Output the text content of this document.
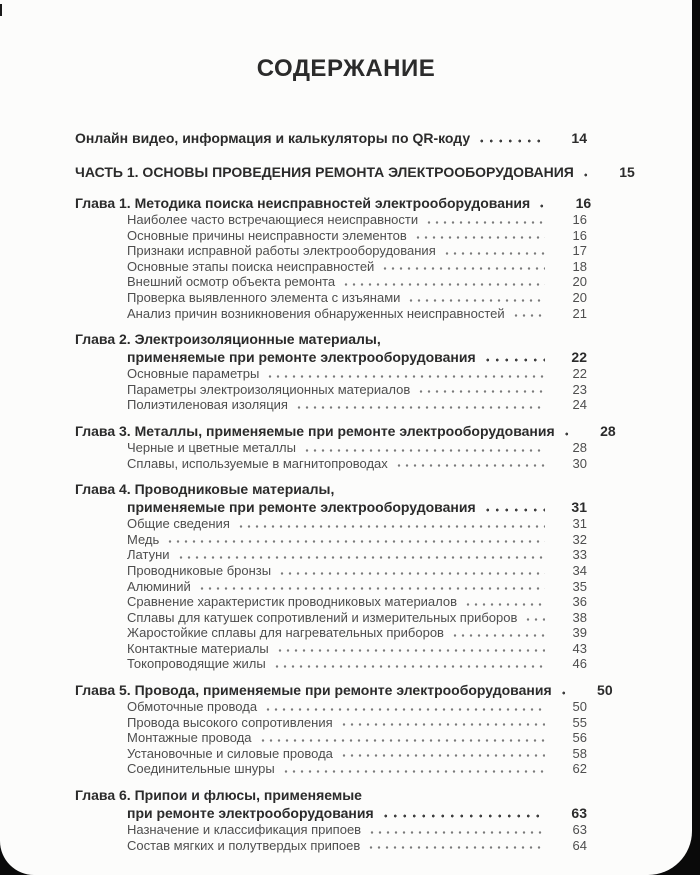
СОДЕРЖАНИЕ
Онлайн видео, информация и калькуляторы по QR-коду	14
ЧАСТЬ 1. ОСНОВЫ ПРОВЕДЕНИЯ РЕМОНТА ЭЛЕКТРООБОРУДОВАНИЯ	15
Глава 1. Методика поиска неисправностей электрооборудования	16
Наиболее часто встречающиеся неисправности	16
Основные причины неисправности элементов	16
Признаки исправной работы электрооборудования	17
Основные этапы поиска неисправностей	18
Внешний осмотр объекта ремонта	20
Проверка выявленного элемента с изъянами	20
Анализ причин возникновения обнаруженных неисправностей	21
Глава 2. Электроизоляционные материалы,
применяемые при ремонте электрооборудования	22
Основные параметры	22
Параметры электроизоляционных материалов	23
Полиэтиленовая изоляция	24
Глава 3. Металлы, применяемые при ремонте электрооборудования	28
Черные и цветные металлы	28
Сплавы, используемые в магнитопроводах	30
Глава 4. Проводниковые материалы,
применяемые при ремонте электрооборудования	31
Общие сведения	31
Медь	32
Латуни	33
Проводниковые бронзы	34
Алюминий	35
Сравнение характеристик проводниковых материалов	36
Сплавы для катушек сопротивлений и измерительных приборов	38
Жаростойкие сплавы для нагревательных приборов	39
Контактные материалы	43
Токопроводящие жилы	46
Глава 5. Провода, применяемые при ремонте электрооборудования	50
Обмоточные провода	50
Провода высокого сопротивления	55
Монтажные провода	56
Установочные и силовые провода	58
Соединительные шнуры	62
Глава 6. Припои и флюсы, применяемые
при ремонте электрооборудования	63
Назначение и классификация припоев	63
Состав мягких и полутвердых припоев	64
